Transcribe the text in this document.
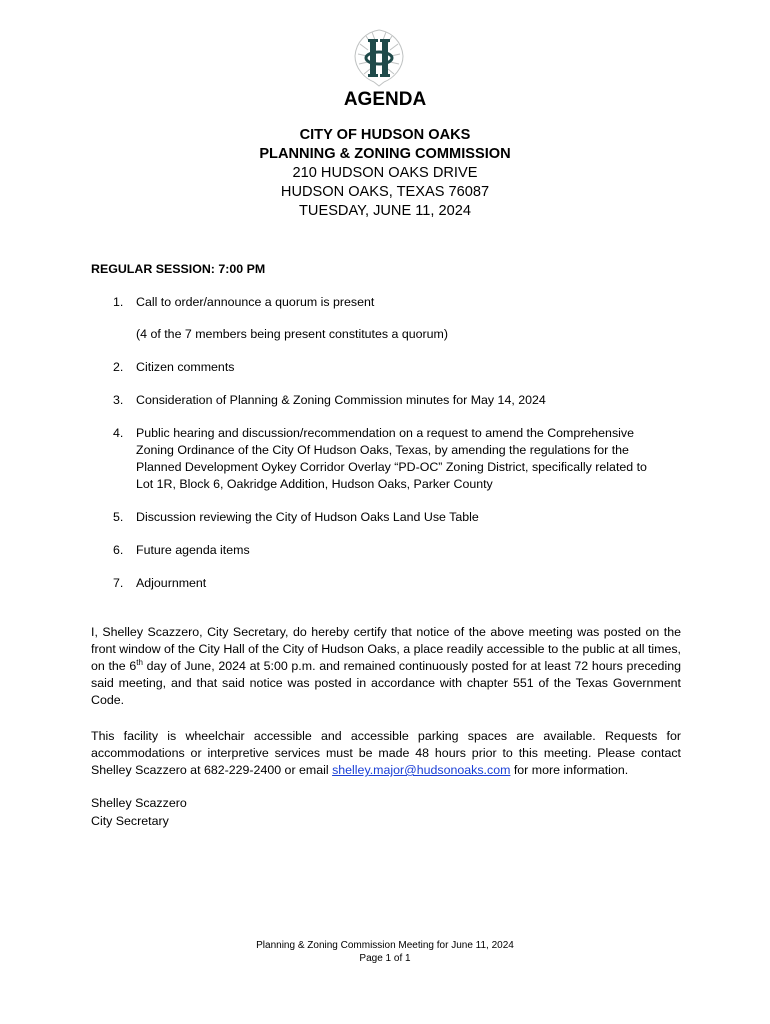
AGENDA
CITY OF HUDSON OAKS
PLANNING & ZONING COMMISSION
210 HUDSON OAKS DRIVE
HUDSON OAKS, TEXAS 76087
TUESDAY, JUNE 11, 2024
REGULAR SESSION: 7:00 PM
1.	Call to order/announce a quorum is present
(4 of the 7 members being present constitutes a quorum)
2.	Citizen comments
3.	Consideration of Planning & Zoning Commission minutes for May 14, 2024
4.	Public hearing and discussion/recommendation on a request to amend the Comprehensive Zoning Ordinance of the City Of Hudson Oaks, Texas, by amending the regulations for the Planned Development Oykey Corridor Overlay “PD-OC” Zoning District, specifically related to Lot 1R, Block 6, Oakridge Addition, Hudson Oaks, Parker County
5.	Discussion reviewing the City of Hudson Oaks Land Use Table
6.	Future agenda items
7.	Adjournment
I, Shelley Scazzero, City Secretary, do hereby certify that notice of the above meeting was posted on the front window of the City Hall of the City of Hudson Oaks, a place readily accessible to the public at all times, on the 6th day of June, 2024 at 5:00 p.m. and remained continuously posted for at least 72 hours preceding said meeting, and that said notice was posted in accordance with chapter 551 of the Texas Government Code.
This facility is wheelchair accessible and accessible parking spaces are available. Requests for accommodations or interpretive services must be made 48 hours prior to this meeting. Please contact Shelley Scazzero at 682-229-2400 or email shelley.major@hudsonoaks.com for more information.
Shelley Scazzero
City Secretary
Planning & Zoning Commission Meeting for June 11, 2024
Page 1 of 1
